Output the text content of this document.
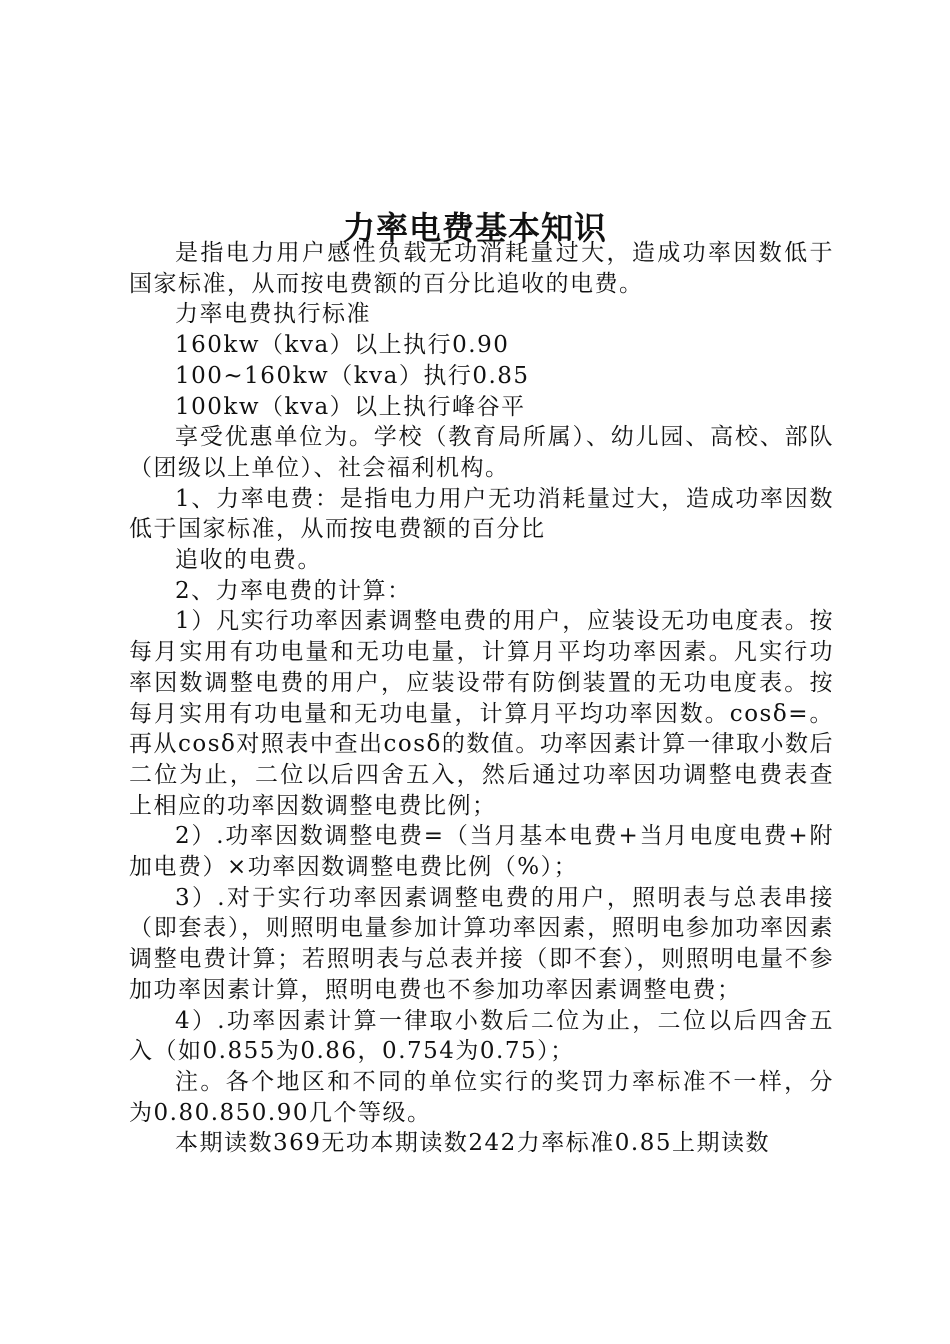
力率电费基本知识

是指电力用户感性负载无功消耗量过大，造成功率因数低于国家标准，从而按电费额的百分比追收的电费。

力率电费执行标准

160kw（kva）以上执行0.90

100~160kw（kva）执行0.85

100kw（kva）以上执行峰谷平

享受优惠单位为。学校（教育局所属）、幼儿园、高校、部队（团级以上单位）、社会福利机构。

1、力率电费：是指电力用户无功消耗量过大，造成功率因数低于国家标准，从而按电费额的百分比

追收的电费。

2、力率电费的计算：

1）凡实行功率因素调整电费的用户，应装设无功电度表。按每月实用有功电量和无功电量，计算月平均功率因素。凡实行功率因数调整电费的用户，应装设带有防倒装置的无功电度表。按每月实用有功电量和无功电量，计算月平均功率因数。cosδ=。再从cosδ对照表中查出cosδ的数值。功率因素计算一律取小数后二位为止，二位以后四舍五入，然后通过功率因功调整电费表查上相应的功率因数调整电费比例；

2）.功率因数调整电费=（当月基本电费+当月电度电费+附加电费）×功率因数调整电费比例（%）；

3）.对于实行功率因素调整电费的用户，照明表与总表串接（即套表），则照明电量参加计算功率因素，照明电参加功率因素调整电费计算；若照明表与总表并接（即不套），则照明电量不参加功率因素计算，照明电费也不参加功率因素调整电费；

4）.功率因素计算一律取小数后二位为止，二位以后四舍五入（如0.855为0.86，0.754为0.75）；

注。各个地区和不同的单位实行的奖罚力率标准不一样，分为0.80.850.90几个等级。

本期读数369无功本期读数242力率标准0.85上期读数
